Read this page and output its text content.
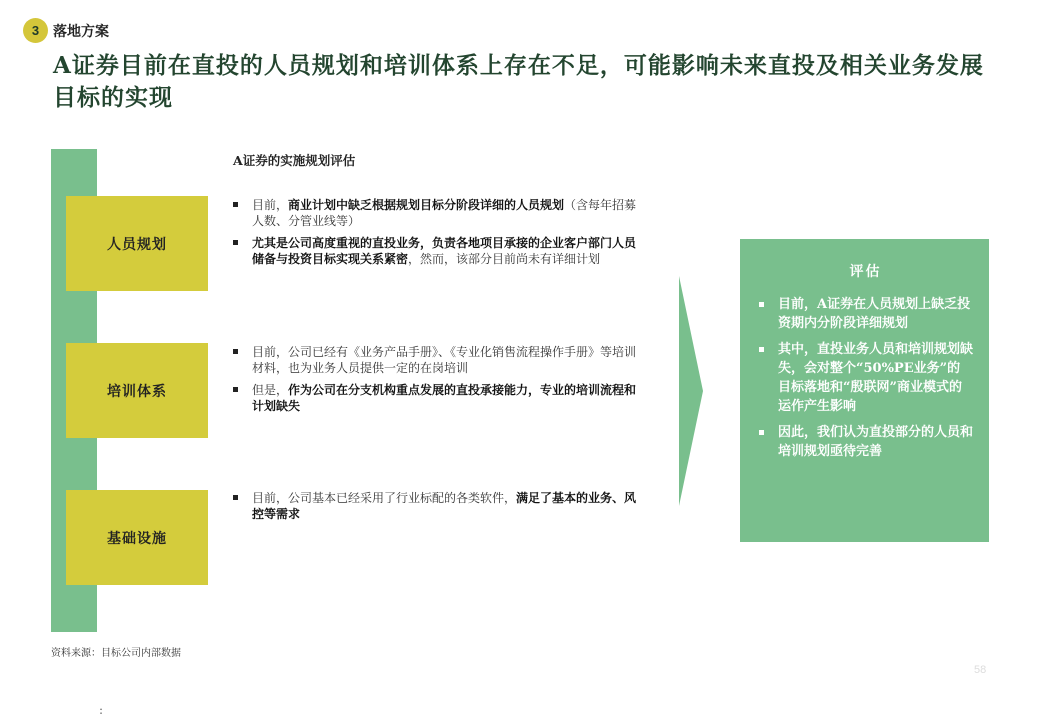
3 落地方案
A证券目前在直投的人员规划和培训体系上存在不足，可能影响未来直投及相关业务发展目标的实现
人员规划
培训体系
基础设施
A证券的实施规划评估
目前，商业计划中缺乏根据规划目标分阶段详细的人员规划（含每年招募人数、分管业线等）
尤其是公司高度重视的直投业务，负责各地项目承接的企业客户部门人员储备与投资目标实现关系紧密，然而，该部分目前尚未有详细计划
目前，公司已经有《业务产品手册》、《专业化销售流程操作手册》等培训材料，也为业务人员提供一定的在岗培训
但是，作为公司在分支机构重点发展的直投承接能力，专业的培训流程和计划缺失
目前，公司基本已经采用了行业标配的各类软件，满足了基本的业务、风控等需求
评估
目前，A证券在人员规划上缺乏投资期内分阶段详细规划
其中，直投业务人员和培训规划缺失，会对整个“50%PE业务”的目标落地和“殷联网”商业模式的运作产生影响
因此，我们认为直投部分的人员和培训规划亟待完善
资料来源：目标公司内部数据
58
:
